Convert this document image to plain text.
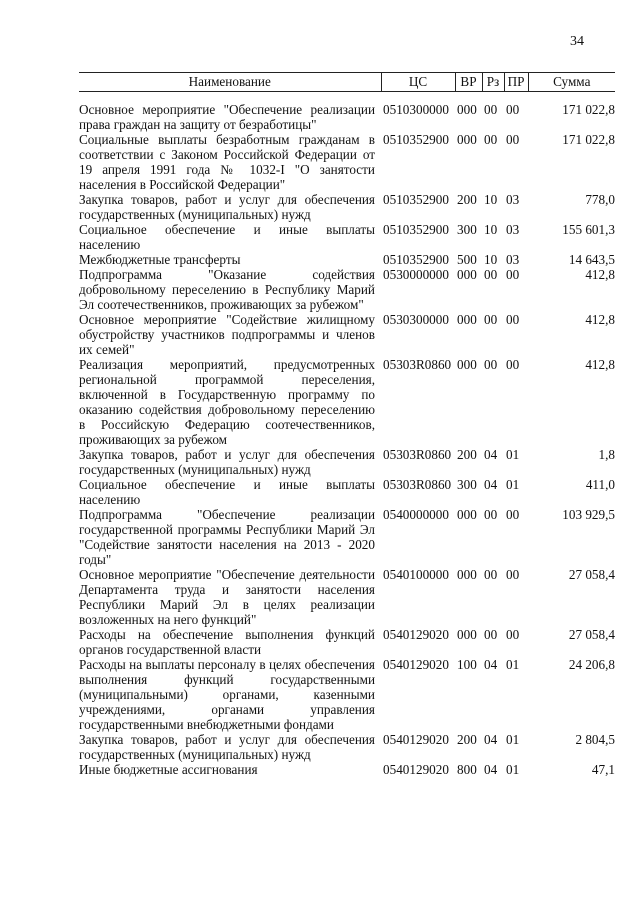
34
Наименование	ЦС	ВР	Рз	ПР	Сумма

Основное мероприятие "Обеспечение реализации права граждан на защиту от безработицы"	0510300000	000	00	00	171 022,8
Социальные выплаты безработным гражданам в соответствии с Законом Российской Федерации от 19 апреля 1991 года № 1032-I "О занятости населения в Российской Федерации"	0510352900	000	00	00	171 022,8
Закупка товаров, работ и услуг для обеспечения государственных (муниципальных) нужд	0510352900	200	10	03	778,0
Социальное обеспечение и иные выплаты населению	0510352900	300	10	03	155 601,3
Межбюджетные трансферты	0510352900	500	10	03	14 643,5
Подпрограмма "Оказание содействия добровольному переселению в Республику Марий Эл соотечественников, проживающих за рубежом"	0530000000	000	00	00	412,8
Основное мероприятие "Содействие жилищному обустройству участников подпрограммы и членов их семей"	0530300000	000	00	00	412,8
Реализация мероприятий, предусмотренных региональной программой переселения, включенной в Государственную программу по оказанию содействия добровольному переселению в Российскую Федерацию соотечественников, проживающих за рубежом	05303R0860	000	00	00	412,8
Закупка товаров, работ и услуг для обеспечения государственных (муниципальных) нужд	05303R0860	200	04	01	1,8
Социальное обеспечение и иные выплаты населению	05303R0860	300	04	01	411,0
Подпрограмма "Обеспечение реализации государственной программы Республики Марий Эл "Содействие занятости населения на 2013 - 2020 годы"	0540000000	000	00	00	103 929,5
Основное мероприятие "Обеспечение деятельности Департамента труда и занятости населения Республики Марий Эл в целях реализации возложенных на него функций"	0540100000	000	00	00	27 058,4
Расходы на обеспечение выполнения функций органов государственной власти	0540129020	000	00	00	27 058,4
Расходы на выплаты персоналу в целях обеспечения выполнения функций государственными (муниципальными) органами, казенными учреждениями, органами управления государственными внебюджетными фондами	0540129020	100	04	01	24 206,8
Закупка товаров, работ и услуг для обеспечения государственных (муниципальных) нужд	0540129020	200	04	01	2 804,5
Иные бюджетные ассигнования	0540129020	800	04	01	47,1
